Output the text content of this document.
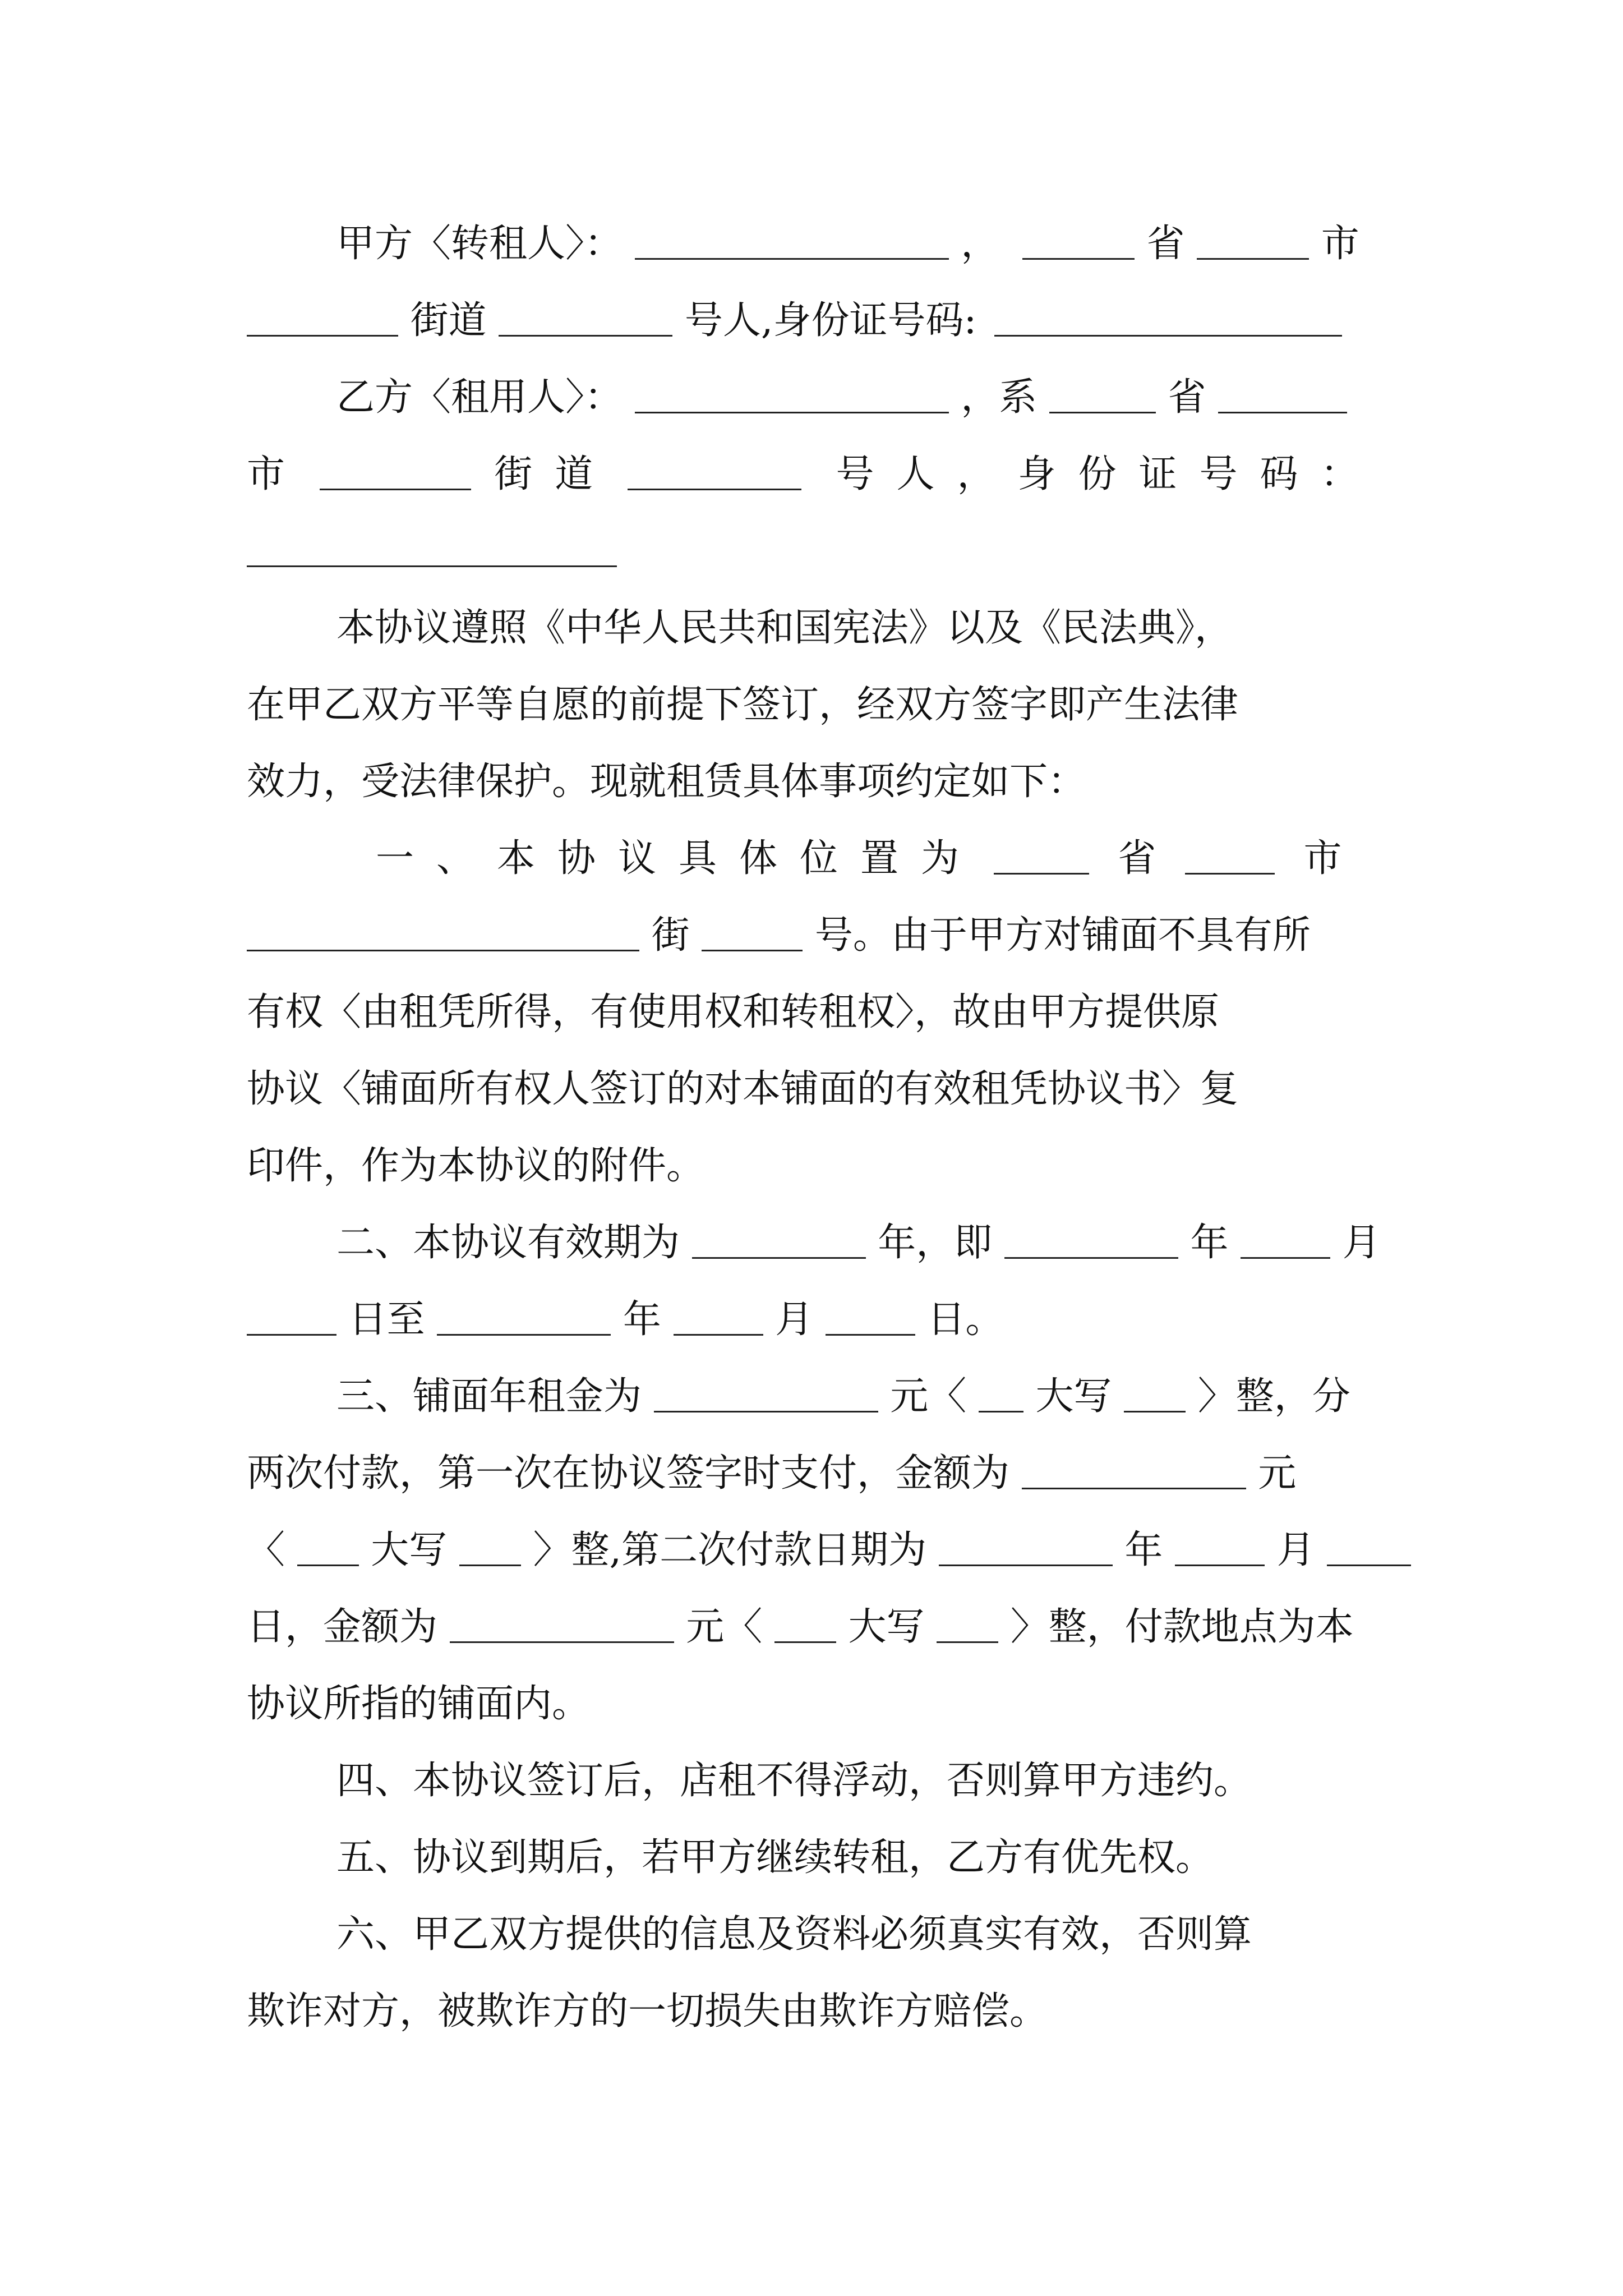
甲方〈转租人〉：	，	省	市
街道	号人,身份证号码:
乙方〈租用人〉：	，系	省
市	街道	号人，身份证号码：
本协议遵照《中华人民共和国宪法》以及《民法典》，
在甲乙双方平等自愿的前提下签订，经双方签字即产生法律
效力，受法律保护。现就租赁具体事项约定如下：
一、本协议具体位置为	省	市
街	号。由于甲方对铺面不具有所
有权〈由租凭所得，有使用权和转租权〉，故由甲方提供原
协议〈铺面所有权人签订的对本铺面的有效租凭协议书〉复
印件，作为本协议的附件。
二、本协议有效期为	年，即	年	月
日至	年	月	日。
三、铺面年租金为	元〈 大写 〉整，分
两次付款，第一次在协议签字时支付，金额为	元
〈 大写 〉整,第二次付款日期为	年	月
日，金额为	元〈 大写 〉整，付款地点为本
协议所指的铺面内。
四、本协议签订后，店租不得浮动，否则算甲方违约。
五、协议到期后，若甲方继续转租，乙方有优先权。
六、甲乙双方提供的信息及资料必须真实有效，否则算
欺诈对方，被欺诈方的一切损失由欺诈方赔偿。
